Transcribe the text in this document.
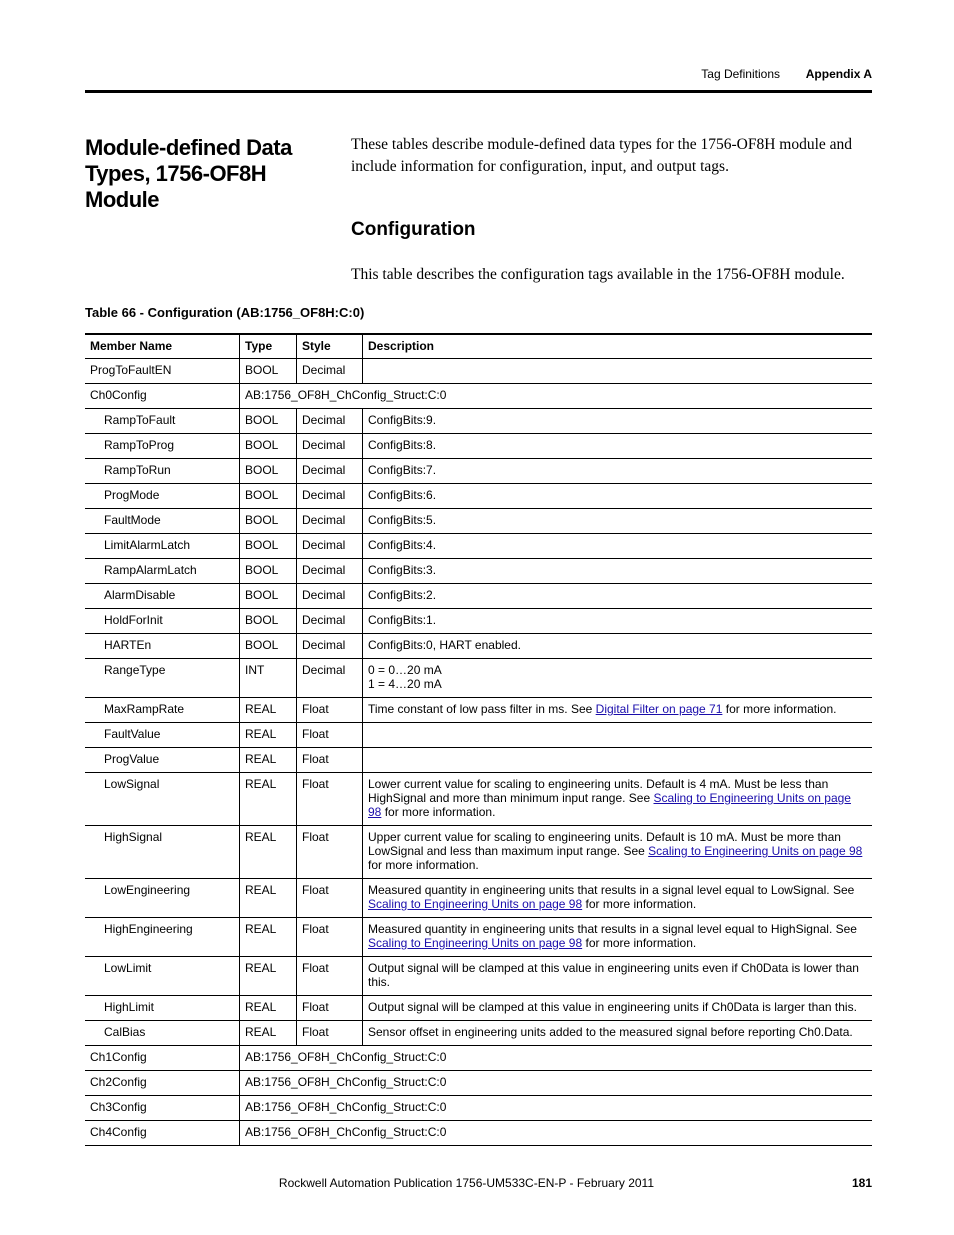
Tag Definitions Appendix A
Module-defined Data Types, 1756-OF8H Module
These tables describe module-defined data types for the 1756-OF8H module and include information for configuration, input, and output tags.
Configuration
This table describes the configuration tags available in the 1756-OF8H module.
Table 66 - Configuration (AB:1756_OF8H:C:0)
Member Name	Type	Style	Description
ProgToFaultEN	BOOL	Decimal	
Ch0Config	AB:1756_OF8H_ChConfig_Struct:C:0		
RampToFault	BOOL	Decimal	ConfigBits:9.
RampToProg	BOOL	Decimal	ConfigBits:8.
RampToRun	BOOL	Decimal	ConfigBits:7.
ProgMode	BOOL	Decimal	ConfigBits:6.
FaultMode	BOOL	Decimal	ConfigBits:5.
LimitAlarmLatch	BOOL	Decimal	ConfigBits:4.
RampAlarmLatch	BOOL	Decimal	ConfigBits:3.
AlarmDisable	BOOL	Decimal	ConfigBits:2.
HoldForInit	BOOL	Decimal	ConfigBits:1.
HARTEn	BOOL	Decimal	ConfigBits:0, HART enabled.
RangeType	INT	Decimal	0 = 0…20 mA
1 = 4…20 mA

MaxRampRate	REAL	Float	Time constant of low pass filter in ms. See Digital Filter on page 71 for more information.
FaultValue	REAL	Float	
ProgValue	REAL	Float	
LowSignal	REAL	Float	Lower current value for scaling to engineering units. Default is 4 mA. Must be less than HighSignal and more than minimum input range. See Scaling to Engineering Units on page 98 for more information.
HighSignal	REAL	Float	Upper current value for scaling to engineering units. Default is 10 mA. Must be more than LowSignal and less than maximum input range. See Scaling to Engineering Units on page 98 for more information.
LowEngineering	REAL	Float	Measured quantity in engineering units that results in a signal level equal to LowSignal. See Scaling to Engineering Units on page 98 for more information.
HighEngineering	REAL	Float	Measured quantity in engineering units that results in a signal level equal to HighSignal. See Scaling to Engineering Units on page 98 for more information.
LowLimit	REAL	Float	Output signal will be clamped at this value in engineering units even if Ch0Data is lower than this.
HighLimit	REAL	Float	Output signal will be clamped at this value in engineering units if Ch0Data is larger than this.
CalBias	REAL	Float	Sensor offset in engineering units added to the measured signal before reporting Ch0.Data.
Ch1Config	AB:1756_OF8H_ChConfig_Struct:C:0		
Ch2Config	AB:1756_OF8H_ChConfig_Struct:C:0		
Ch3Config	AB:1756_OF8H_ChConfig_Struct:C:0		
Ch4Config	AB:1756_OF8H_ChConfig_Struct:C:0		
Rockwell Automation Publication 1756-UM533C-EN-P - February 2011	181
